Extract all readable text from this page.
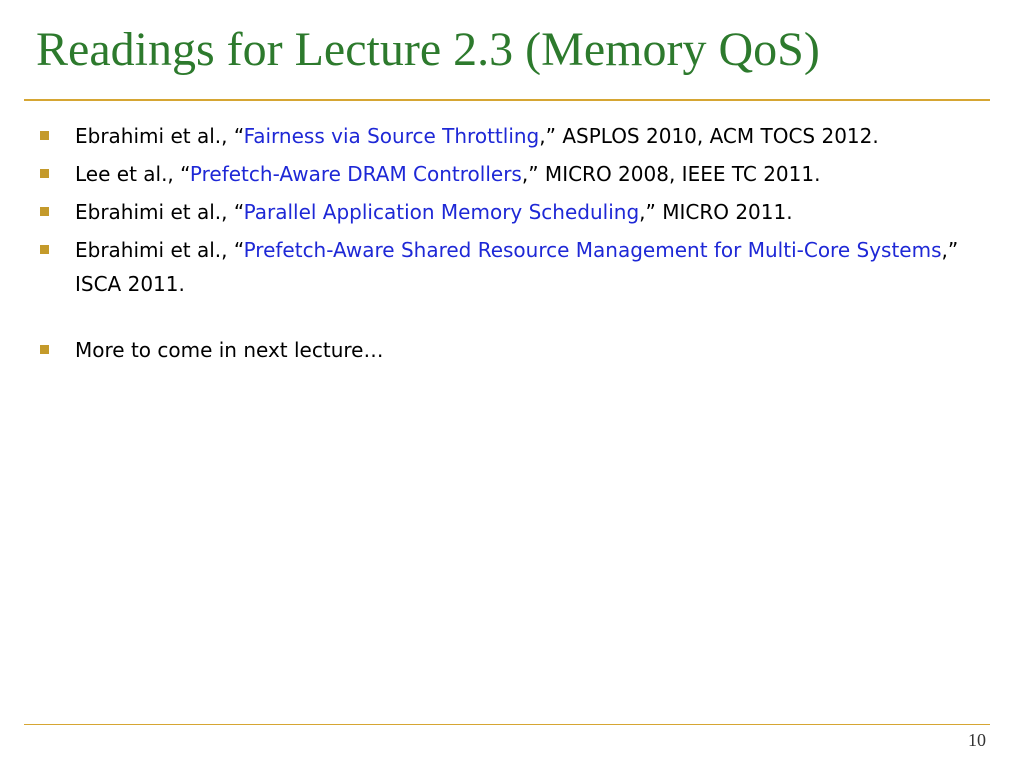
Readings for Lecture 2.3 (Memory QoS)
Ebrahimi et al., “Fairness via Source Throttling,” ASPLOS 2010, ACM TOCS 2012.
Lee et al., “Prefetch-Aware DRAM Controllers,” MICRO 2008, IEEE TC 2011.
Ebrahimi et al., “Parallel Application Memory Scheduling,” MICRO 2011.
Ebrahimi et al., “Prefetch-Aware Shared Resource Management for Multi-Core Systems,” ISCA 2011.
More to come in next lecture…
10
